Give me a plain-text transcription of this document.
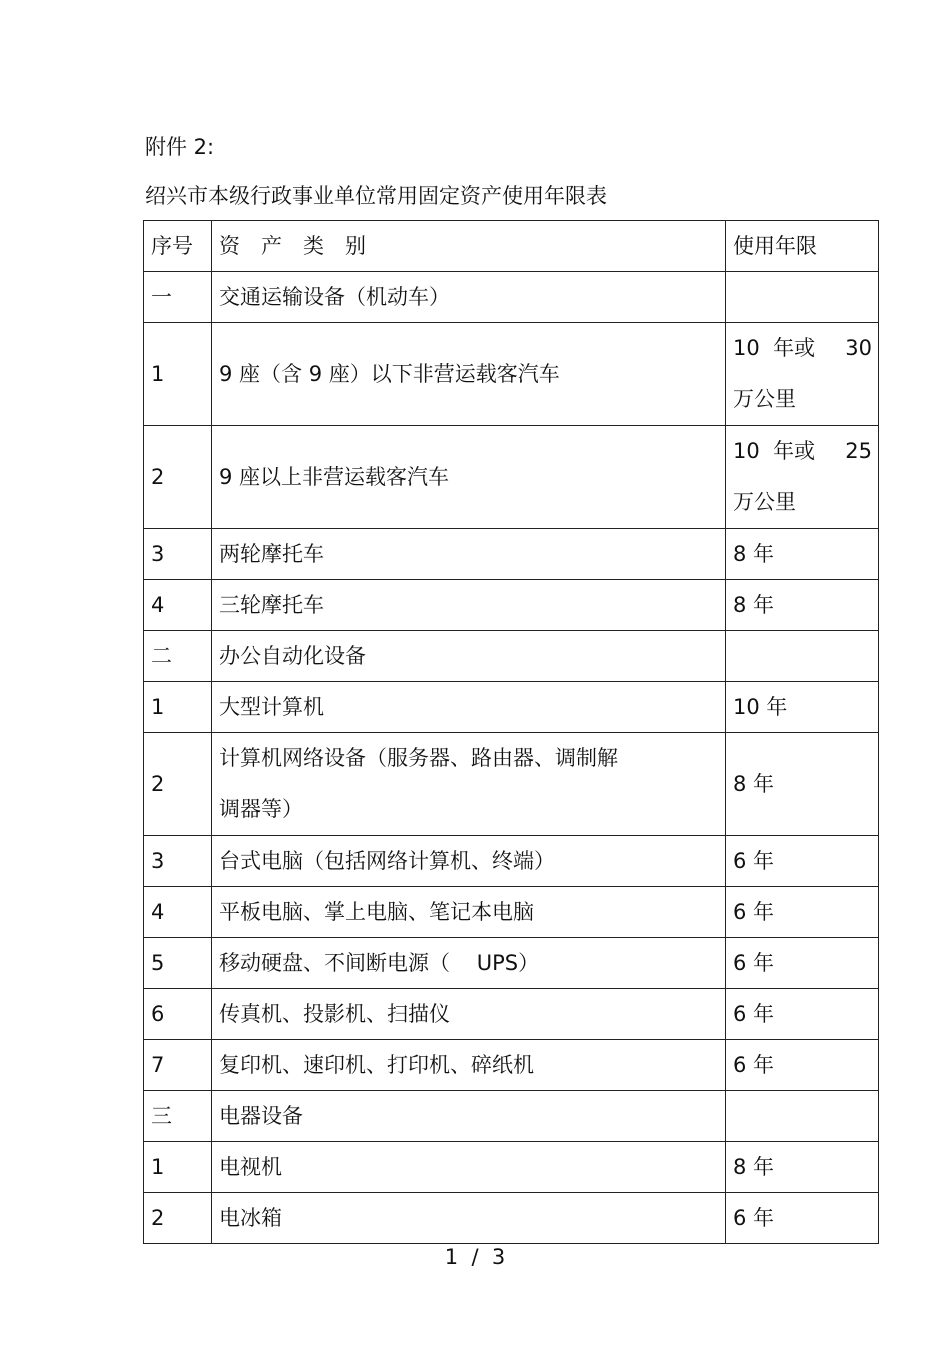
附件 2:
绍兴市本级行政事业单位常用固定资产使用年限表
序号	资　产　类　别	使用年限
一	交通运输设备（机动车）	
1	9 座（含 9 座）以下非营运载客汽车	10  年或 30
万公里

2	9 座以上非营运载客汽车	10  年或 25
万公里

3	两轮摩托车	8 年
4	三轮摩托车	8 年
二	办公自动化设备	
1	大型计算机	10 年
2	计算机网络设备（服务器、路由器、调制解
调器等）	8 年
3	台式电脑（包括网络计算机、终端）	6 年
4	平板电脑、掌上电脑、笔记本电脑	6 年
5	移动硬盘、不间断电源（    UPS）	6 年
6	传真机、投影机、扫描仪	6 年
7	复印机、速印机、打印机、碎纸机	6 年
三	电器设备	
1	电视机	8 年
2	电冰箱	6 年
1  /  3
